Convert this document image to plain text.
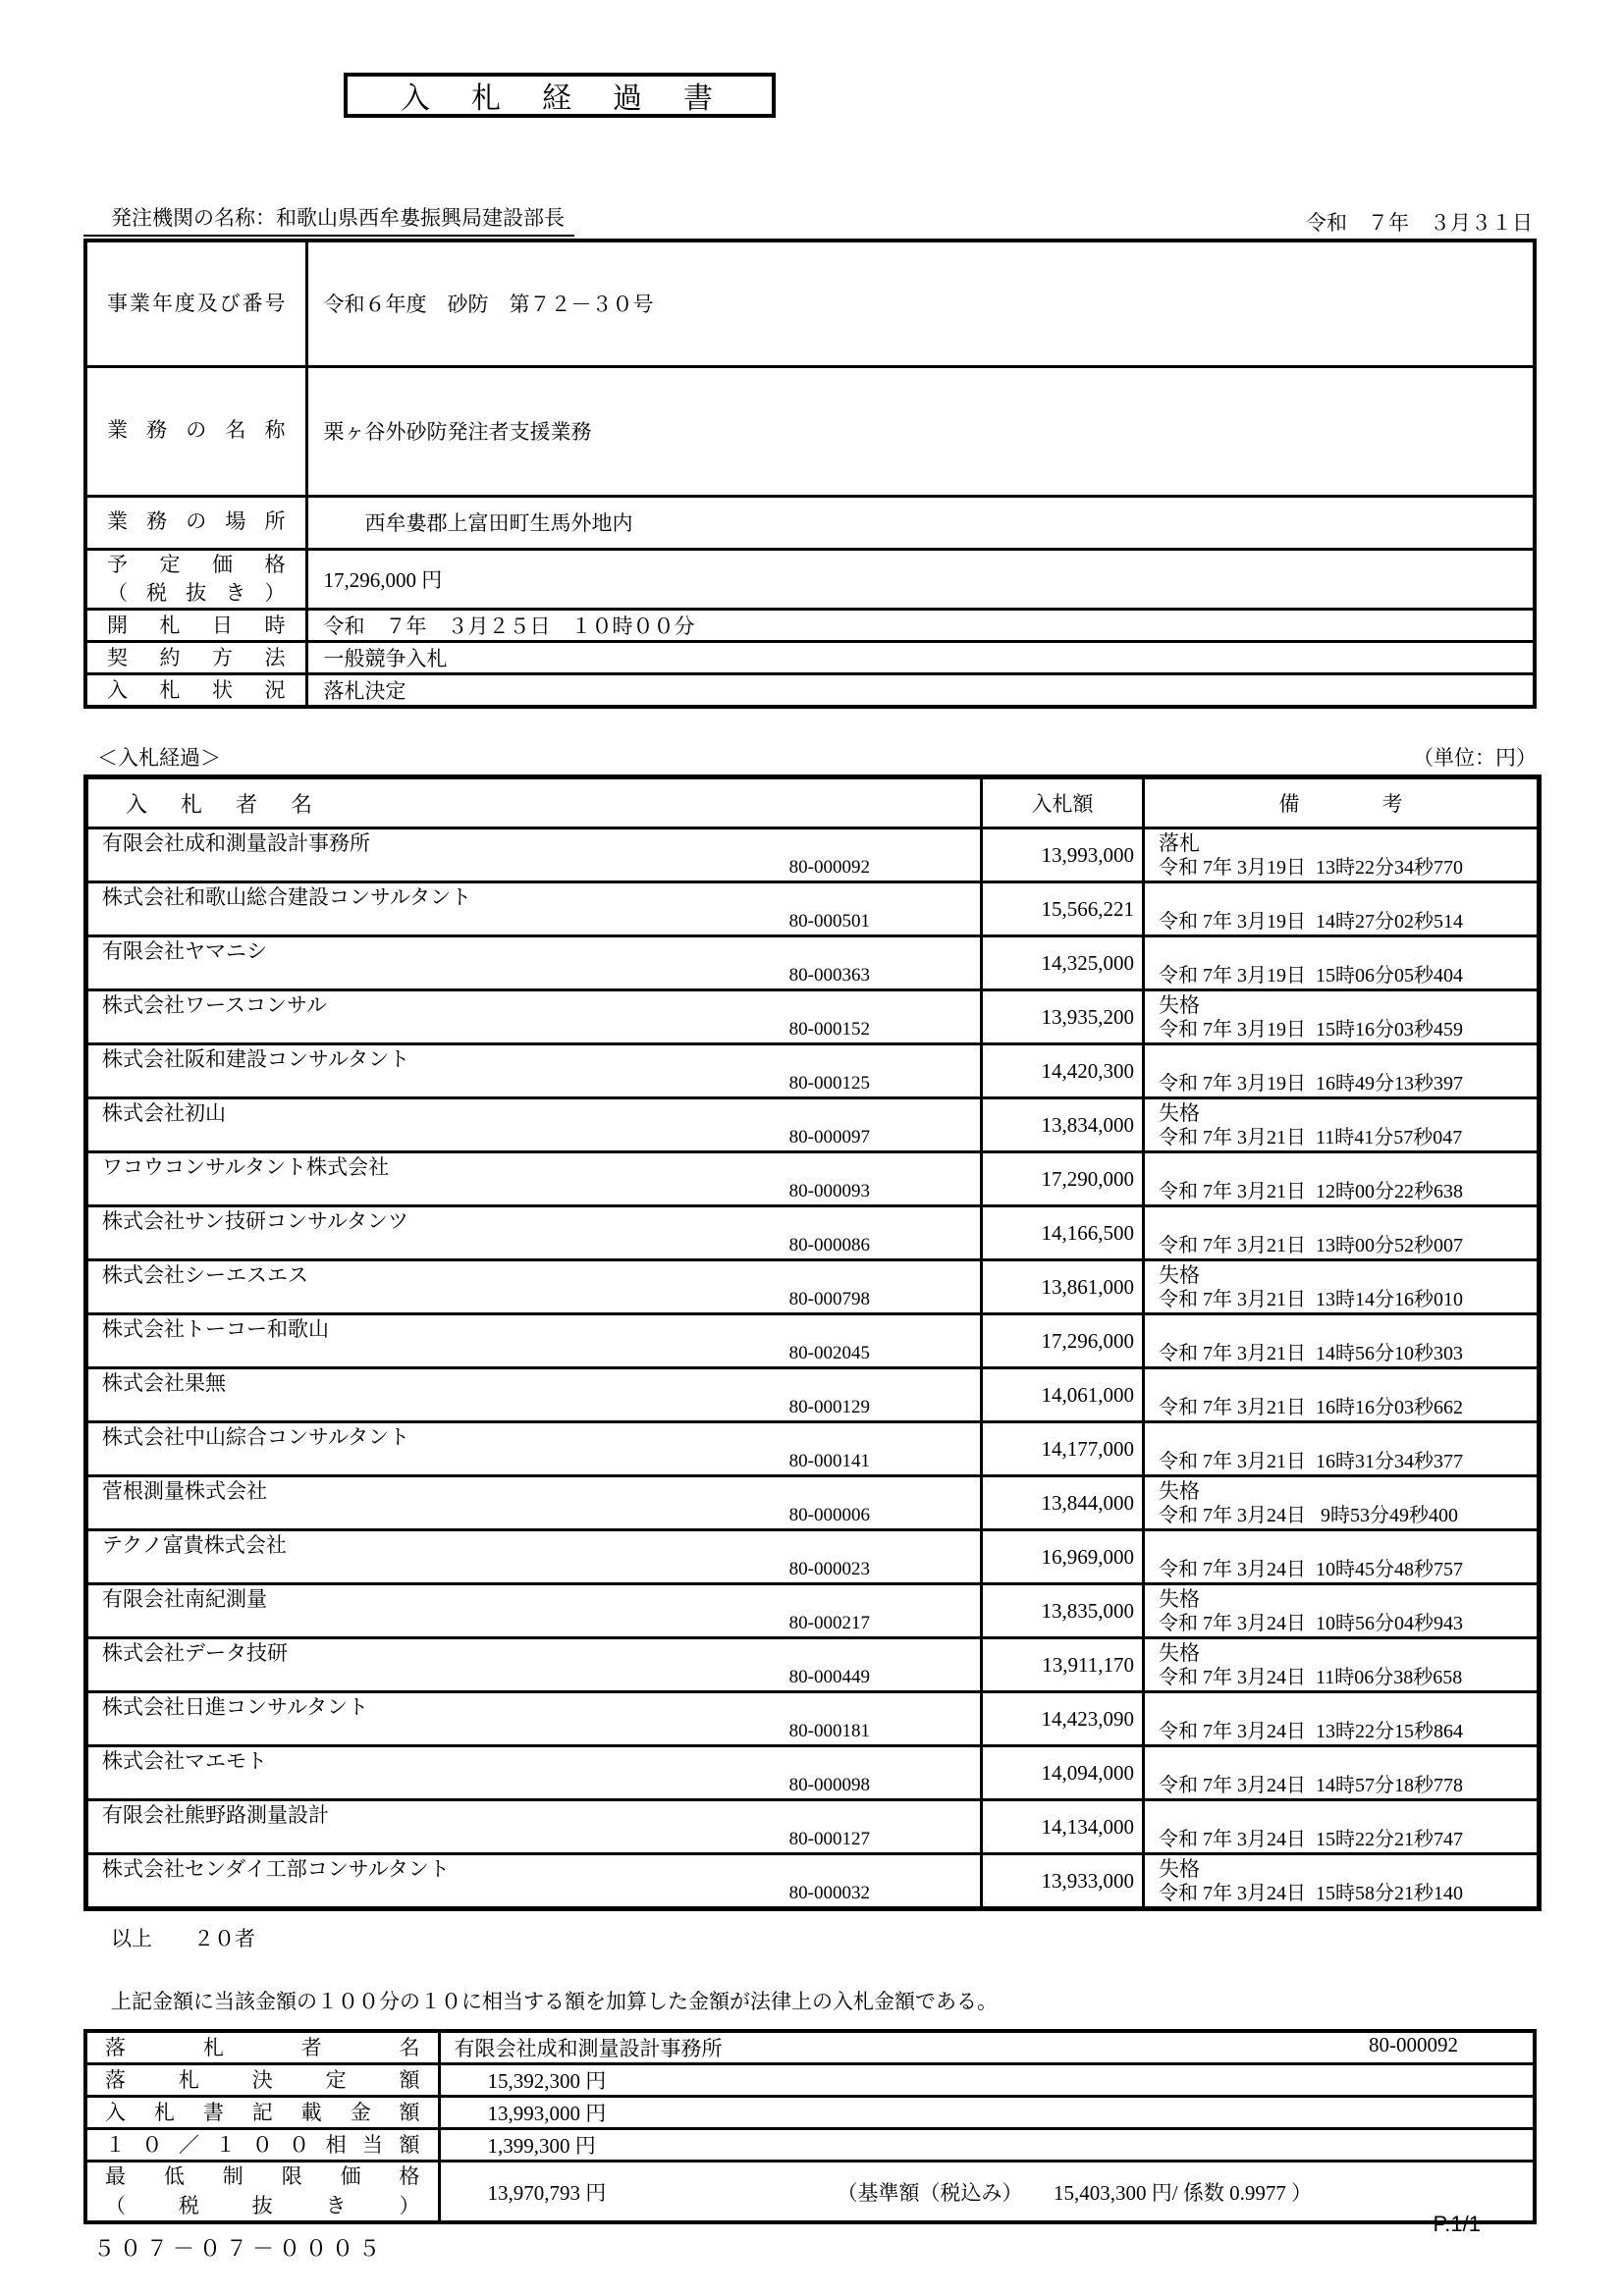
入　札　経　過　書
発注機関の名称：和歌山県西牟婁振興局建設部長	令和　７年　３月３１日
事業年度及び番号	令和６年度　砂防　第７２－３０号

業務の名称	栗ヶ谷外砂防発注者支援業務

業務の場所	西牟婁郡上富田町生馬外地内

予定価格
（税抜き）	17,296,000 円

開札日時	令和　７年　３月２５日　１０時００分

契約方法	一般競争入札

入札状況	落札決定
＜入札経過＞	（単位：円）
入　札　者　名	入札額	備　　　　考

有限会社成和測量設計事務所
80-000092
	13,993,000	落札
令和 7年 3月19日  13時22分34秒770

株式会社和歌山総合建設コンサルタント
80-000501	15,566,221	令和 7年 3月19日  14時27分02秒514

有限会社ヤマニシ
80-000363	14,325,000	令和 7年 3月19日  15時06分05秒404

株式会社ワースコンサル
80-000152
	13,935,200	失格
令和 7年 3月19日  15時16分03秒459

株式会社阪和建設コンサルタント
80-000125	14,420,300	令和 7年 3月19日  16時49分13秒397

株式会社初山
80-000097
	13,834,000	失格
令和 7年 3月21日  11時41分57秒047

ワコウコンサルタント株式会社
80-000093	17,290,000	令和 7年 3月21日  12時00分22秒638

株式会社サン技研コンサルタンツ
80-000086	14,166,500	令和 7年 3月21日  13時00分52秒007

株式会社シーエスエス
80-000798
	13,861,000	失格
令和 7年 3月21日  13時14分16秒010

株式会社トーコー和歌山
80-002045	17,296,000	令和 7年 3月21日  14時56分10秒303

株式会社果無
80-000129	14,061,000	令和 7年 3月21日  16時16分03秒662

株式会社中山綜合コンサルタント
80-000141	14,177,000	令和 7年 3月21日  16時31分34秒377

菅根測量株式会社
80-000006
	13,844,000	失格
令和 7年 3月24日   9時53分49秒400

テクノ富貴株式会社
80-000023	16,969,000	令和 7年 3月24日  10時45分48秒757

有限会社南紀測量
80-000217
	13,835,000	失格
令和 7年 3月24日  10時56分04秒943

株式会社データ技研
80-000449
	13,911,170	失格
令和 7年 3月24日  11時06分38秒658

株式会社日進コンサルタント
80-000181	14,423,090	令和 7年 3月24日  13時22分15秒864

株式会社マエモト
80-000098	14,094,000	令和 7年 3月24日  14時57分18秒778

有限会社熊野路測量設計
80-000127	14,134,000	令和 7年 3月24日  15時22分21秒747

株式会社センダイ工部コンサルタント
80-000032
	13,933,000	失格
令和 7年 3月24日  15時58分21秒140
以上　　２０者
上記金額に当該金額の１００分の１０に相当する額を加算した金額が法律上の入札金額である。
落札者名	有限会社成和測量設計事務所 80-000092

落札決定額	15,392,300 円

入札書記載金額	13,993,000 円

１０／１００相当額	1,399,300 円

最低制限価格
（税抜き）	13,970,793 円 （基準額（税込み）　　15,403,300 円/ 係数 0.9977 ）
５０７－０７－０００５
P.1/1
